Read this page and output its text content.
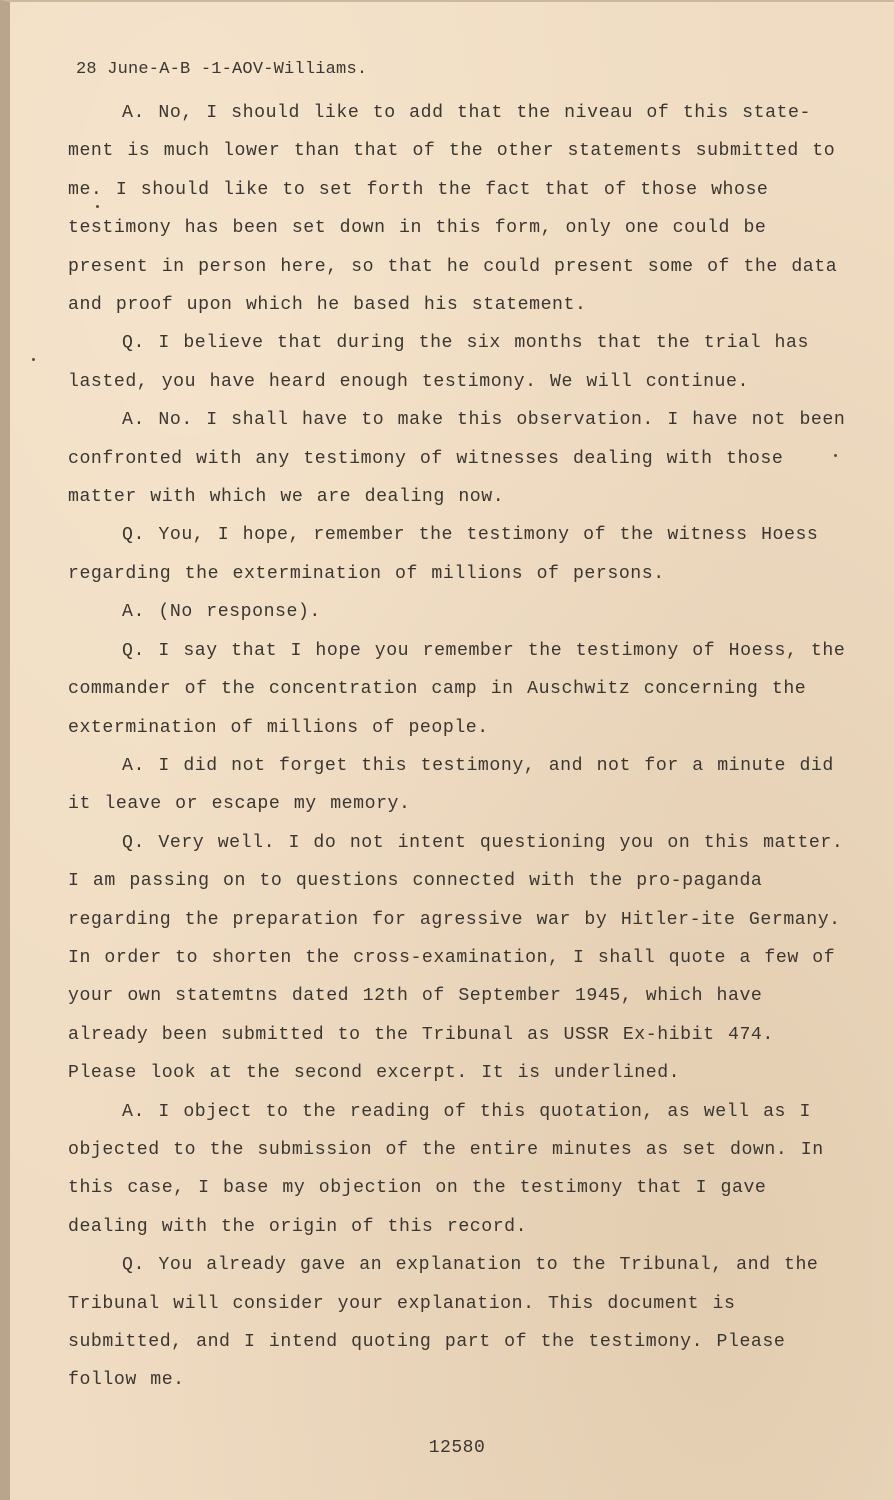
28 June-A-B -1-AOV-Williams.

A. No, I should like to add that the niveau of this state-ment is much lower than that of the other statements submitted to me. I should like to set forth the fact that of those whose testimony has been set down in this form, only one could be present in person here, so that he could present some of the data and proof upon which he based his statement.

Q. I believe that during the six months that the trial has lasted, you have heard enough testimony. We will continue.

A. No. I shall have to make this observation. I have not been confronted with any testimony of witnesses dealing with those matter with which we are dealing now.

Q. You, I hope, remember the testimony of the witness Hoess regarding the extermination of millions of persons.

A. (No response).

Q. I say that I hope you remember the testimony of Hoess, the commander of the concentration camp in Auschwitz concerning the extermination of millions of people.

A. I did not forget this testimony, and not for a minute did it leave or escape my memory.

Q. Very well. I do not intent questioning you on this matter. I am passing on to questions connected with the pro-paganda regarding the preparation for agressive war by Hitler-ite Germany. In order to shorten the cross-examination, I shall quote a few of your own statemtns dated 12th of September 1945, which have already been submitted to the Tribunal as USSR Ex-hibit 474. Please look at the second excerpt. It is underlined.

A. I object to the reading of this quotation, as well as I objected to the submission of the entire minutes as set down. In this case, I base my objection on the testimony that I gave dealing with the origin of this record.

Q. You already gave an explanation to the Tribunal, and the Tribunal will consider your explanation. This document is submitted, and I intend quoting part of the testimony. Please follow me.

12580
